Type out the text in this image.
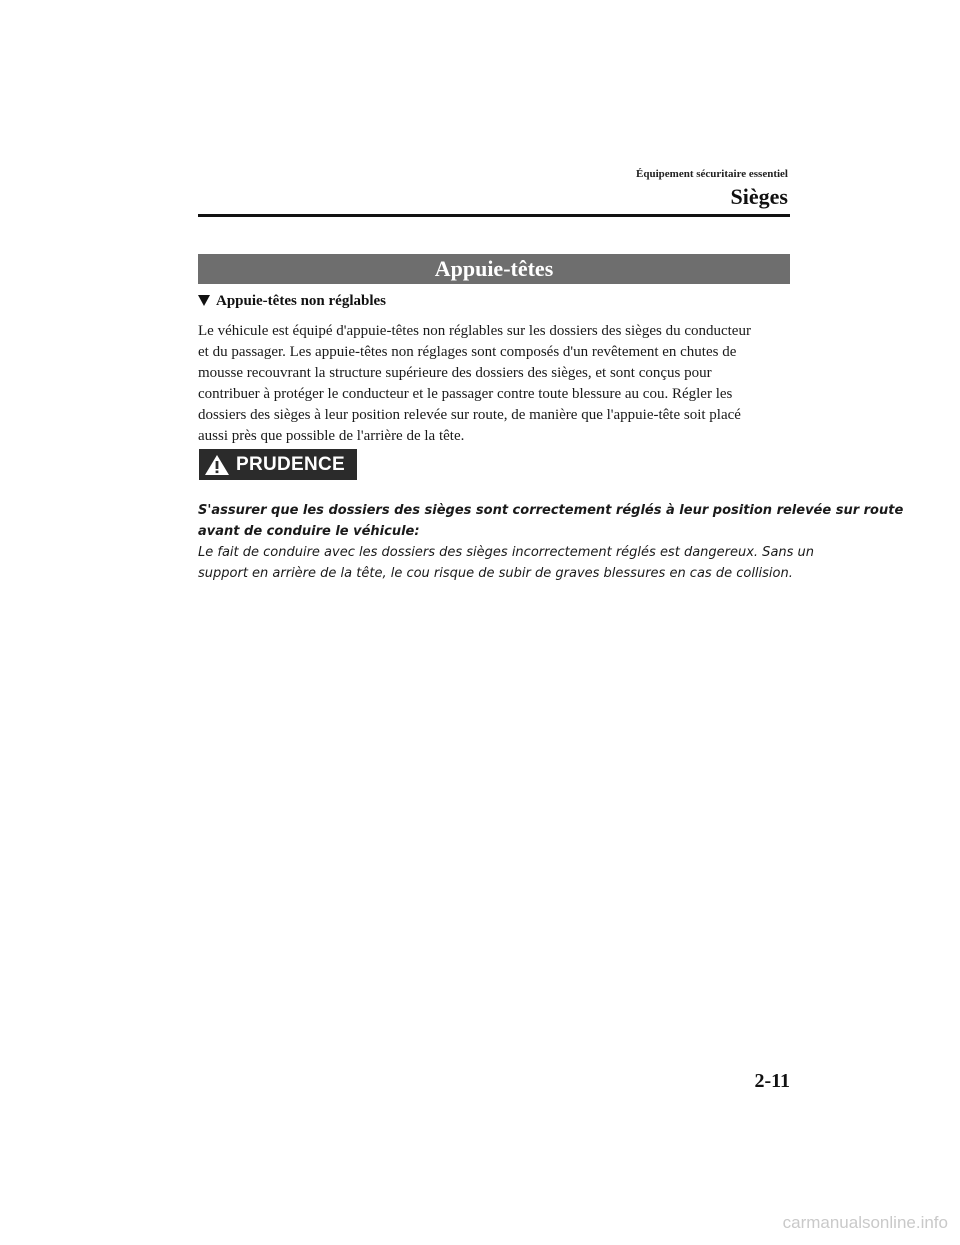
Équipement sécuritaire essentiel
Sièges
Appuie-têtes
Appuie-têtes non réglables
Le véhicule est équipé d'appuie-têtes non réglables sur les dossiers des sièges du conducteur
et du passager. Les appuie-têtes non réglages sont composés d'un revêtement en chutes de
mousse recouvrant la structure supérieure des dossiers des sièges, et sont conçus pour
contribuer à protéger le conducteur et le passager contre toute blessure au cou. Régler les
dossiers des sièges à leur position relevée sur route, de manière que l'appuie-tête soit placé
aussi près que possible de l'arrière de la tête.
PRUDENCE
S'assurer que les dossiers des sièges sont correctement réglés à leur position relevée sur route
avant de conduire le véhicule:
Le fait de conduire avec les dossiers des sièges incorrectement réglés est dangereux. Sans un
support en arrière de la tête, le cou risque de subir de graves blessures en cas de collision.
2-11
carmanualsonline.info
